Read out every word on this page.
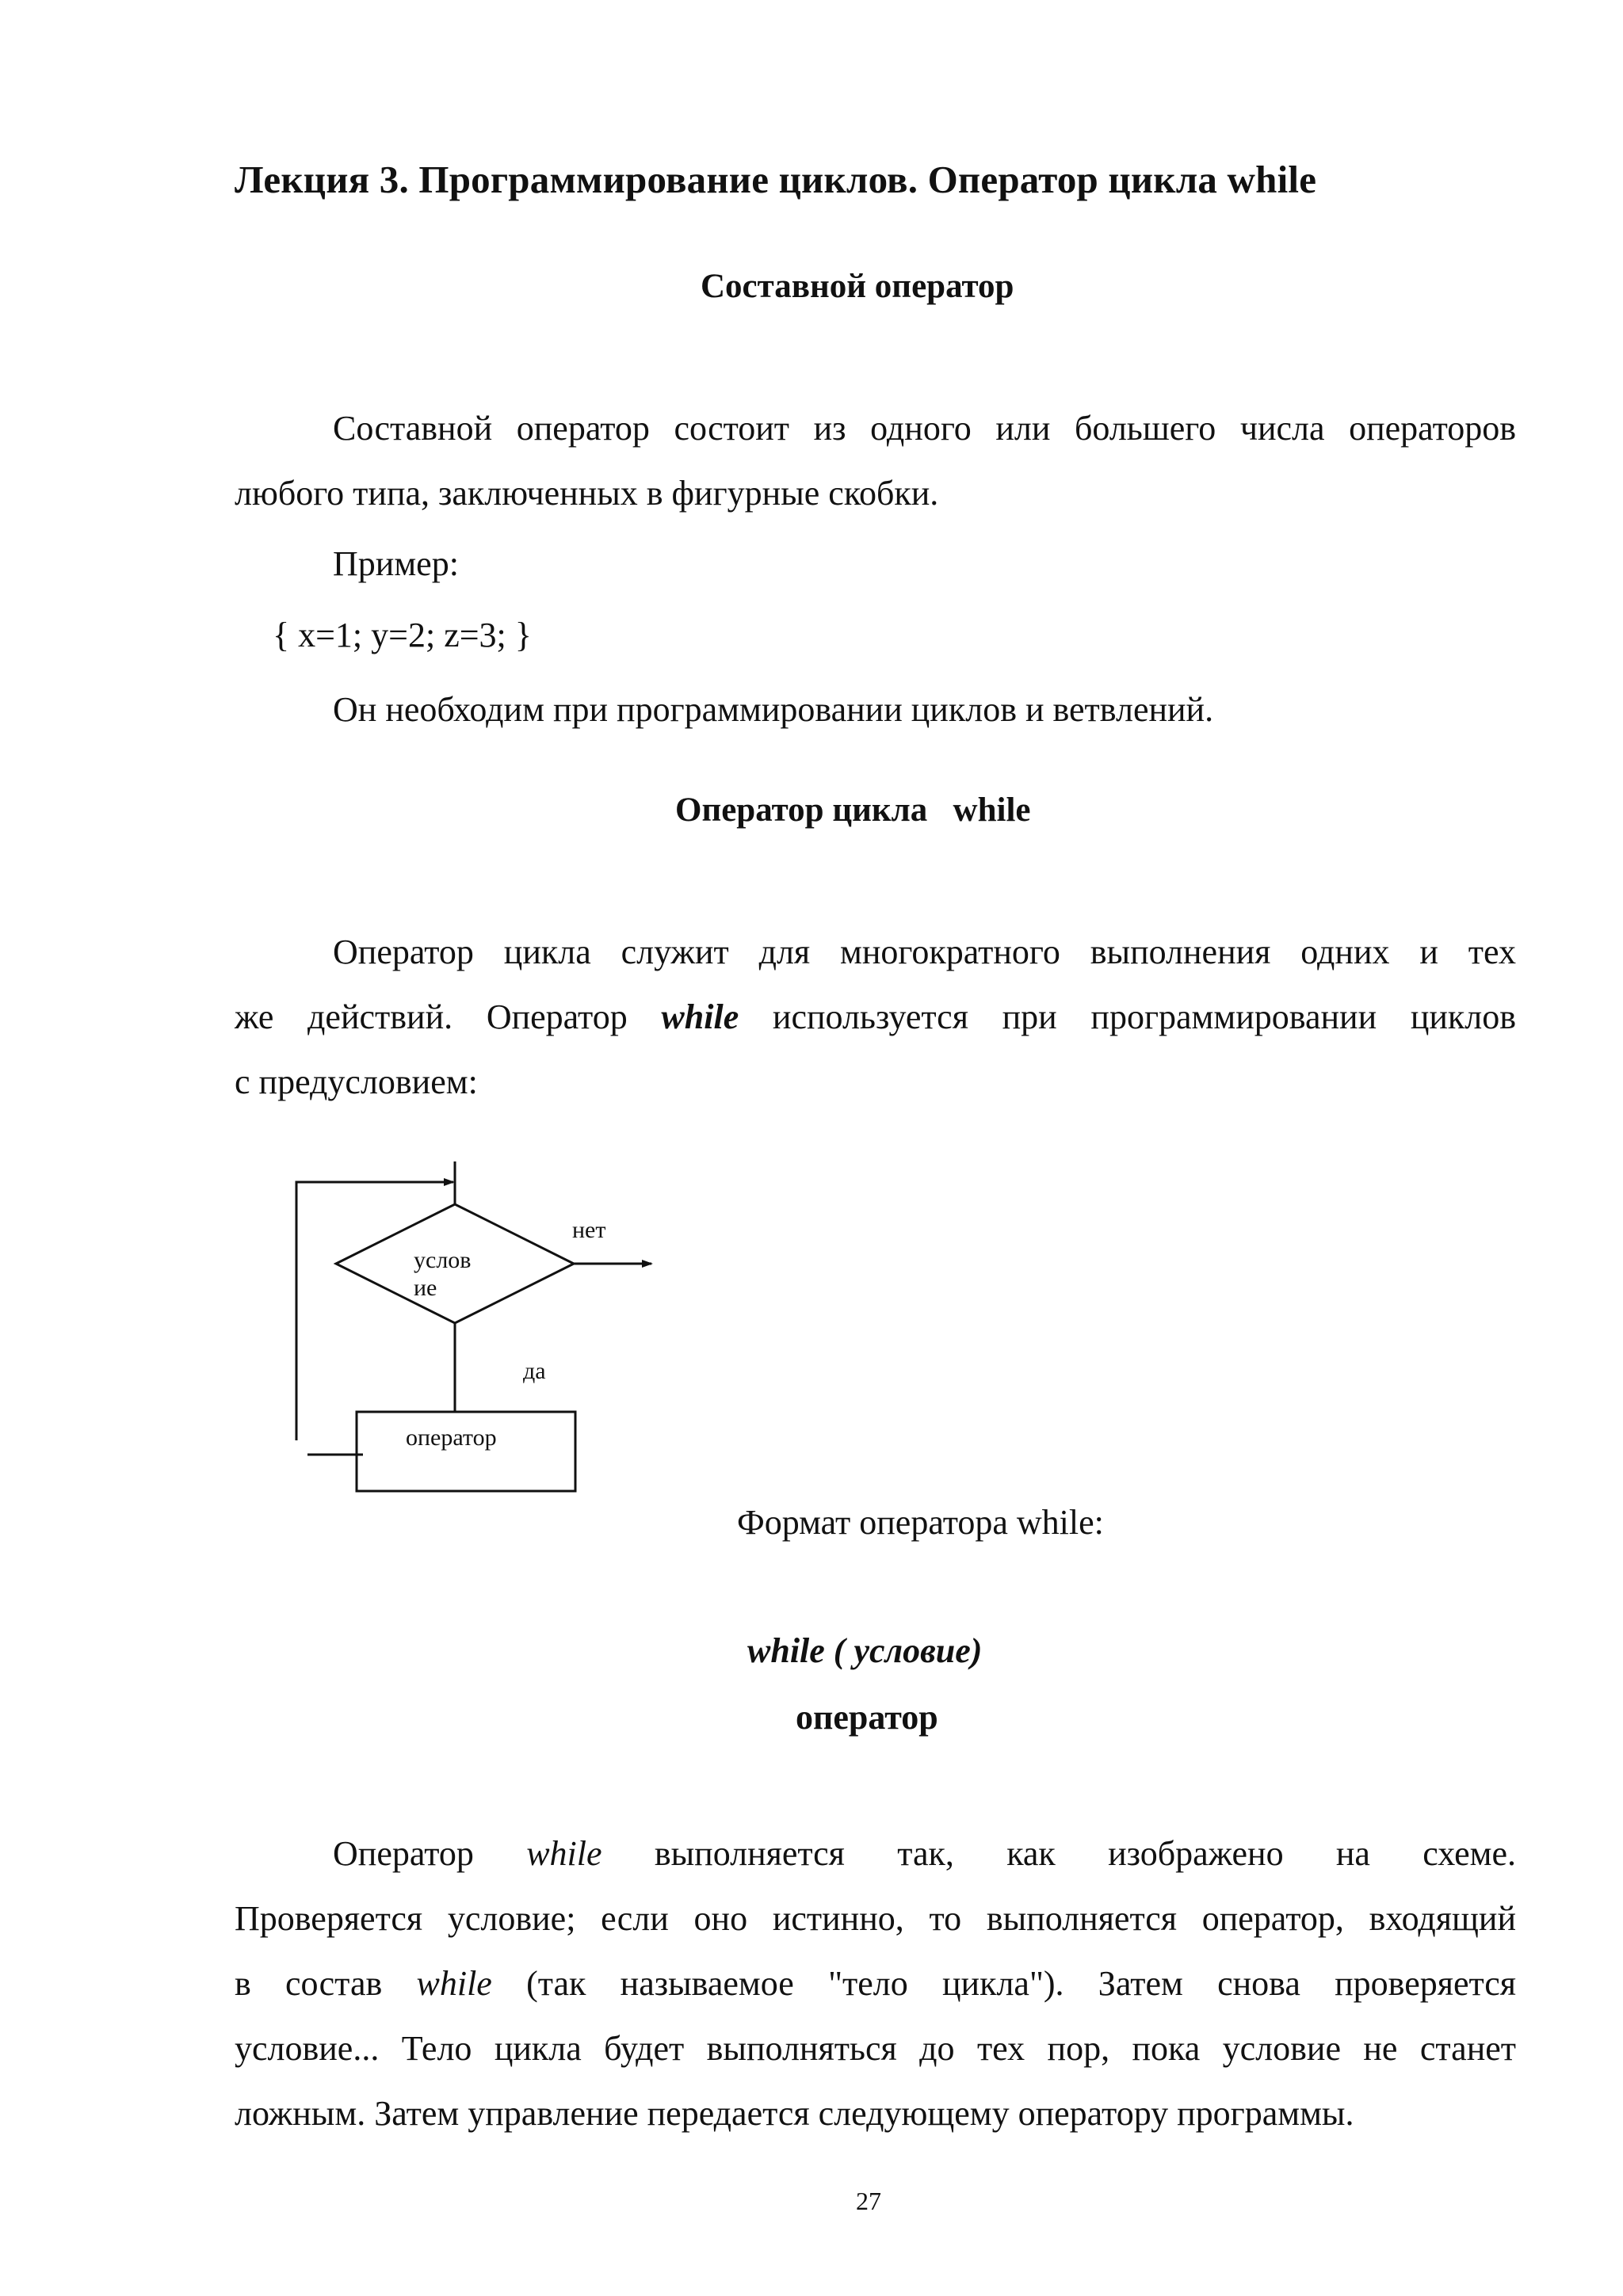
Лекция 3. Программирование циклов. Оператор цикла while
Составной оператор
Составной оператор состоит из одного или большего числа операторов
любого типа, заключенных в фигурные скобки.
Пример:
{ x=1; y=2; z=3; }
Он необходим при программировании циклов и ветвлений.
Оператор цикла   while
Оператор цикла служит для многократного выполнения одних и тех
же действий. Оператор while используется при программировании циклов
с предусловием:
услов
ие
нет
да
оператор
Формат оператора while:
while ( условие)
оператор
Оператор while выполняется так, как изображено на схеме.
Проверяется условие; если оно истинно, то выполняется оператор, входящий
в состав while (так называемое "тело цикла"). Затем снова проверяется
условие... Тело цикла будет выполняться до тех пор, пока условие не станет
ложным. Затем управление передается следующему оператору программы.
27
